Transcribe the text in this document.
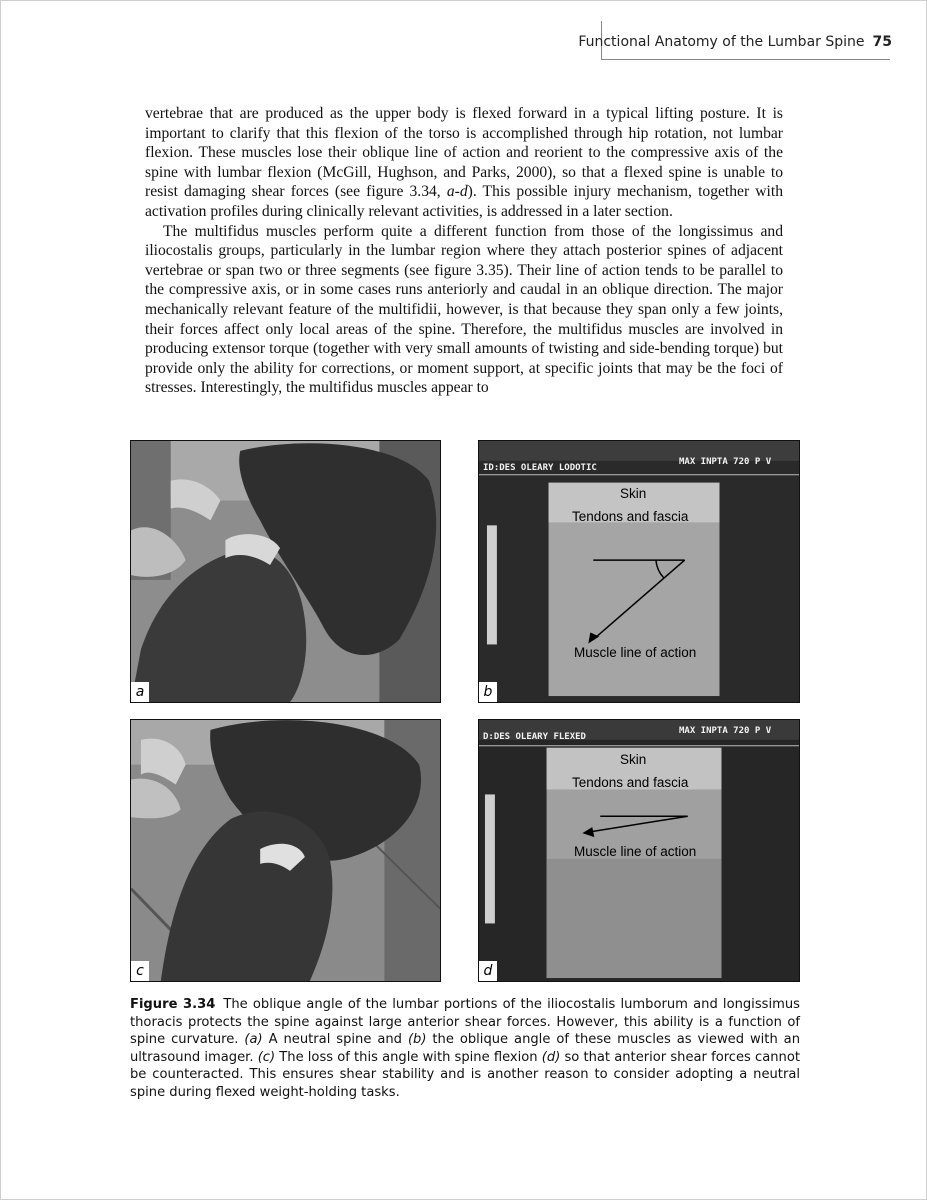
Functional Anatomy of the Lumbar Spine 75

vertebrae that are produced as the upper body is flexed forward in a typical lifting posture. It is important to clarify that this flexion of the torso is accomplished through hip rotation, not lumbar flexion. These muscles lose their oblique line of action and reorient to the compressive axis of the spine with lumbar flexion (McGill, Hughson, and Parks, 2000), so that a flexed spine is unable to resist damaging shear forces (see figure 3.34, a-d). This possible injury mechanism, together with activation profiles during clinically relevant activities, is addressed in a later section.

The multifidus muscles perform quite a different function from those of the longissimus and iliocostalis groups, particularly in the lumbar region where they attach posterior spines of adjacent vertebrae or span two or three segments (see figure 3.35). Their line of action tends to be parallel to the compressive axis, or in some cases runs anteriorly and caudal in an oblique direction. The major mechanically relevant feature of the multifidii, however, is that because they span only a few joints, their forces affect only local areas of the spine. Therefore, the multifidus muscles are involved in producing extensor torque (together with very small amounts of twisting and side-bending torque) but provide only the ability for corrections, or moment support, at specific joints that may be the foci of stresses. Interestingly, the multifidus muscles appear to

a
ID:DES OLEARY LODOTIC
MAX INPTA 720 P V
Skin
Tendons and fascia
Muscle line of action
b
c
D:DES OLEARY FLEXED
MAX INPTA 720 P V
Skin
Tendons and fascia
Muscle line of action
d
Figure 3.34 The oblique angle of the lumbar portions of the iliocostalis lumborum and longissimus thoracis protects the spine against large anterior shear forces. However, this ability is a function of spine curvature. (a) A neutral spine and (b) the oblique angle of these muscles as viewed with an ultrasound imager. (c) The loss of this angle with spine flexion (d) so that anterior shear forces cannot be counteracted. This ensures shear stability and is another reason to consider adopting a neutral spine during flexed weight-holding tasks.
